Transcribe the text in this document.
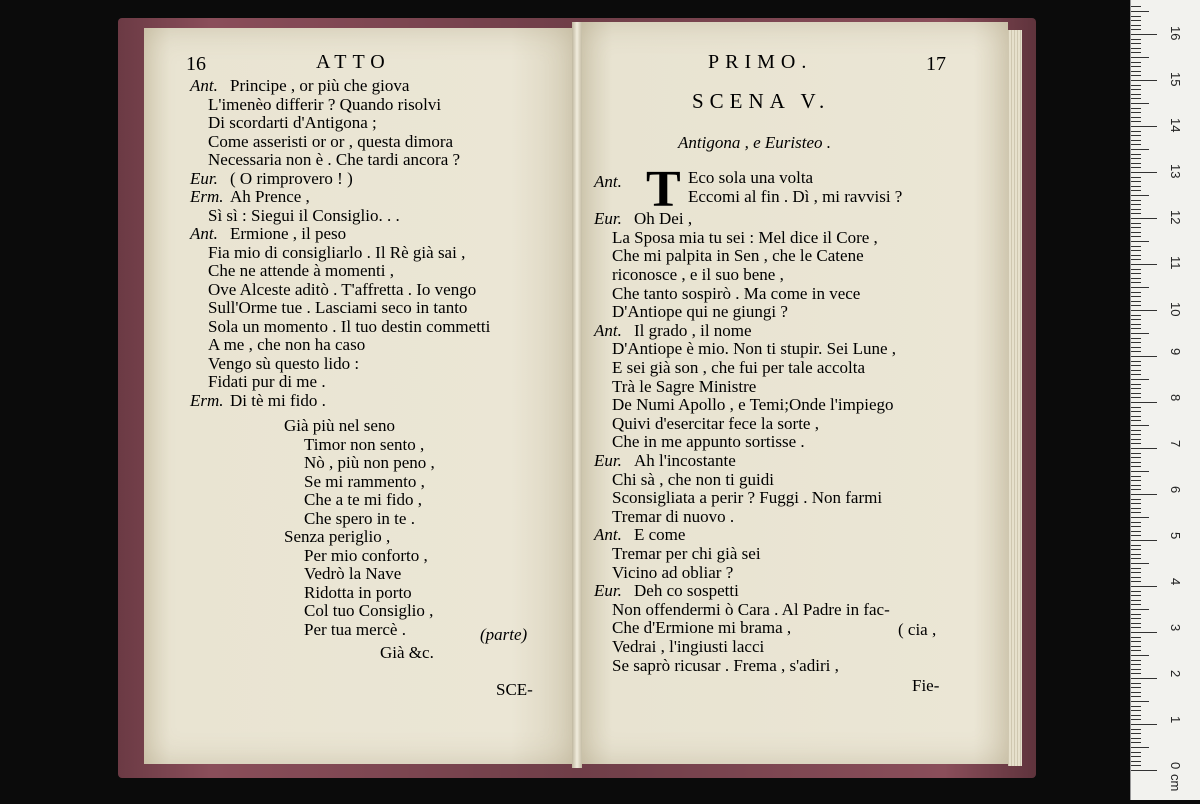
16	ATTO
Ant. Principe , or più che giova
L'imenèo differir ? Quando risolvi
Di scordarti d'Antigona ;
Come asseristi or or , questa dimora
Necessaria non è . Che tardi ancora ?
Eur. ( O rimprovero ! )
Erm. Ah Prence ,
Sì sì : Siegui il Consiglio. . .
Ant. Ermione , il peso
Fia mio di consigliarlo . Il Rè già sai ,
Che ne attende à momenti ,
Ove Alceste aditò . T'affretta . Io vengo
Sull'Orme tue . Lasciami seco in tanto
Sola un momento . Il tuo destin commetti
A me , che non ha caso
Vengo sù questo lido :
Fidati pur di me .
Erm. Di tè mi fido .
Già più nel seno
Timor non sento ,
Nò , più non peno ,
Se mi rammento ,
Che a te mi fido ,
Che spero in te .
Senza periglio ,
Per mio conforto ,
Vedrò la Nave
Ridotta in porto
Col tuo Consiglio ,
Per tua mercè .	(parte)
Già &c.
SCE-
PRIMO.	17
SCENA V.
Antigona , e Euristeo .
T
Ant.	Eco sola una volta
Eccomi al fin . Dì , mi ravvisi ?
Eur. Oh Dei ,
La Sposa mia tu sei : Mel dice il Core ,
Che mi palpita in Sen , che le Catene
riconosce , e il suo bene ,
Che tanto sospirò . Ma come in vece
D'Antiope qui ne giungi ?
Ant. Il grado , il nome
D'Antiope è mio. Non ti stupir. Sei Lune ,
E sei già son , che fui per tale accolta
Trà le Sagre Ministre
De Numi Apollo , e Temi;Onde l'impiego
Quivi d'esercitar fece la sorte ,
Che in me appunto sortisse .
Eur. Ah l'incostante
Chi sà , che non ti guidi
Sconsigliata a perir ? Fuggi . Non farmi
Tremar di nuovo .
Ant. E come
Tremar per chi già sei
Vicino ad obliar ?
Eur. Deh co sospetti
Non offendermi ò Cara . Al Padre in fac-
Che d'Ermione mi brama ,
Vedrai , l'ingiusti lacci
Se saprò ricusar . Frema , s'adiri ,
( cia ,
Fie-
0
1
2
3
4
5
6
7
8
9
10
11
12
13
14
15
16
cm
